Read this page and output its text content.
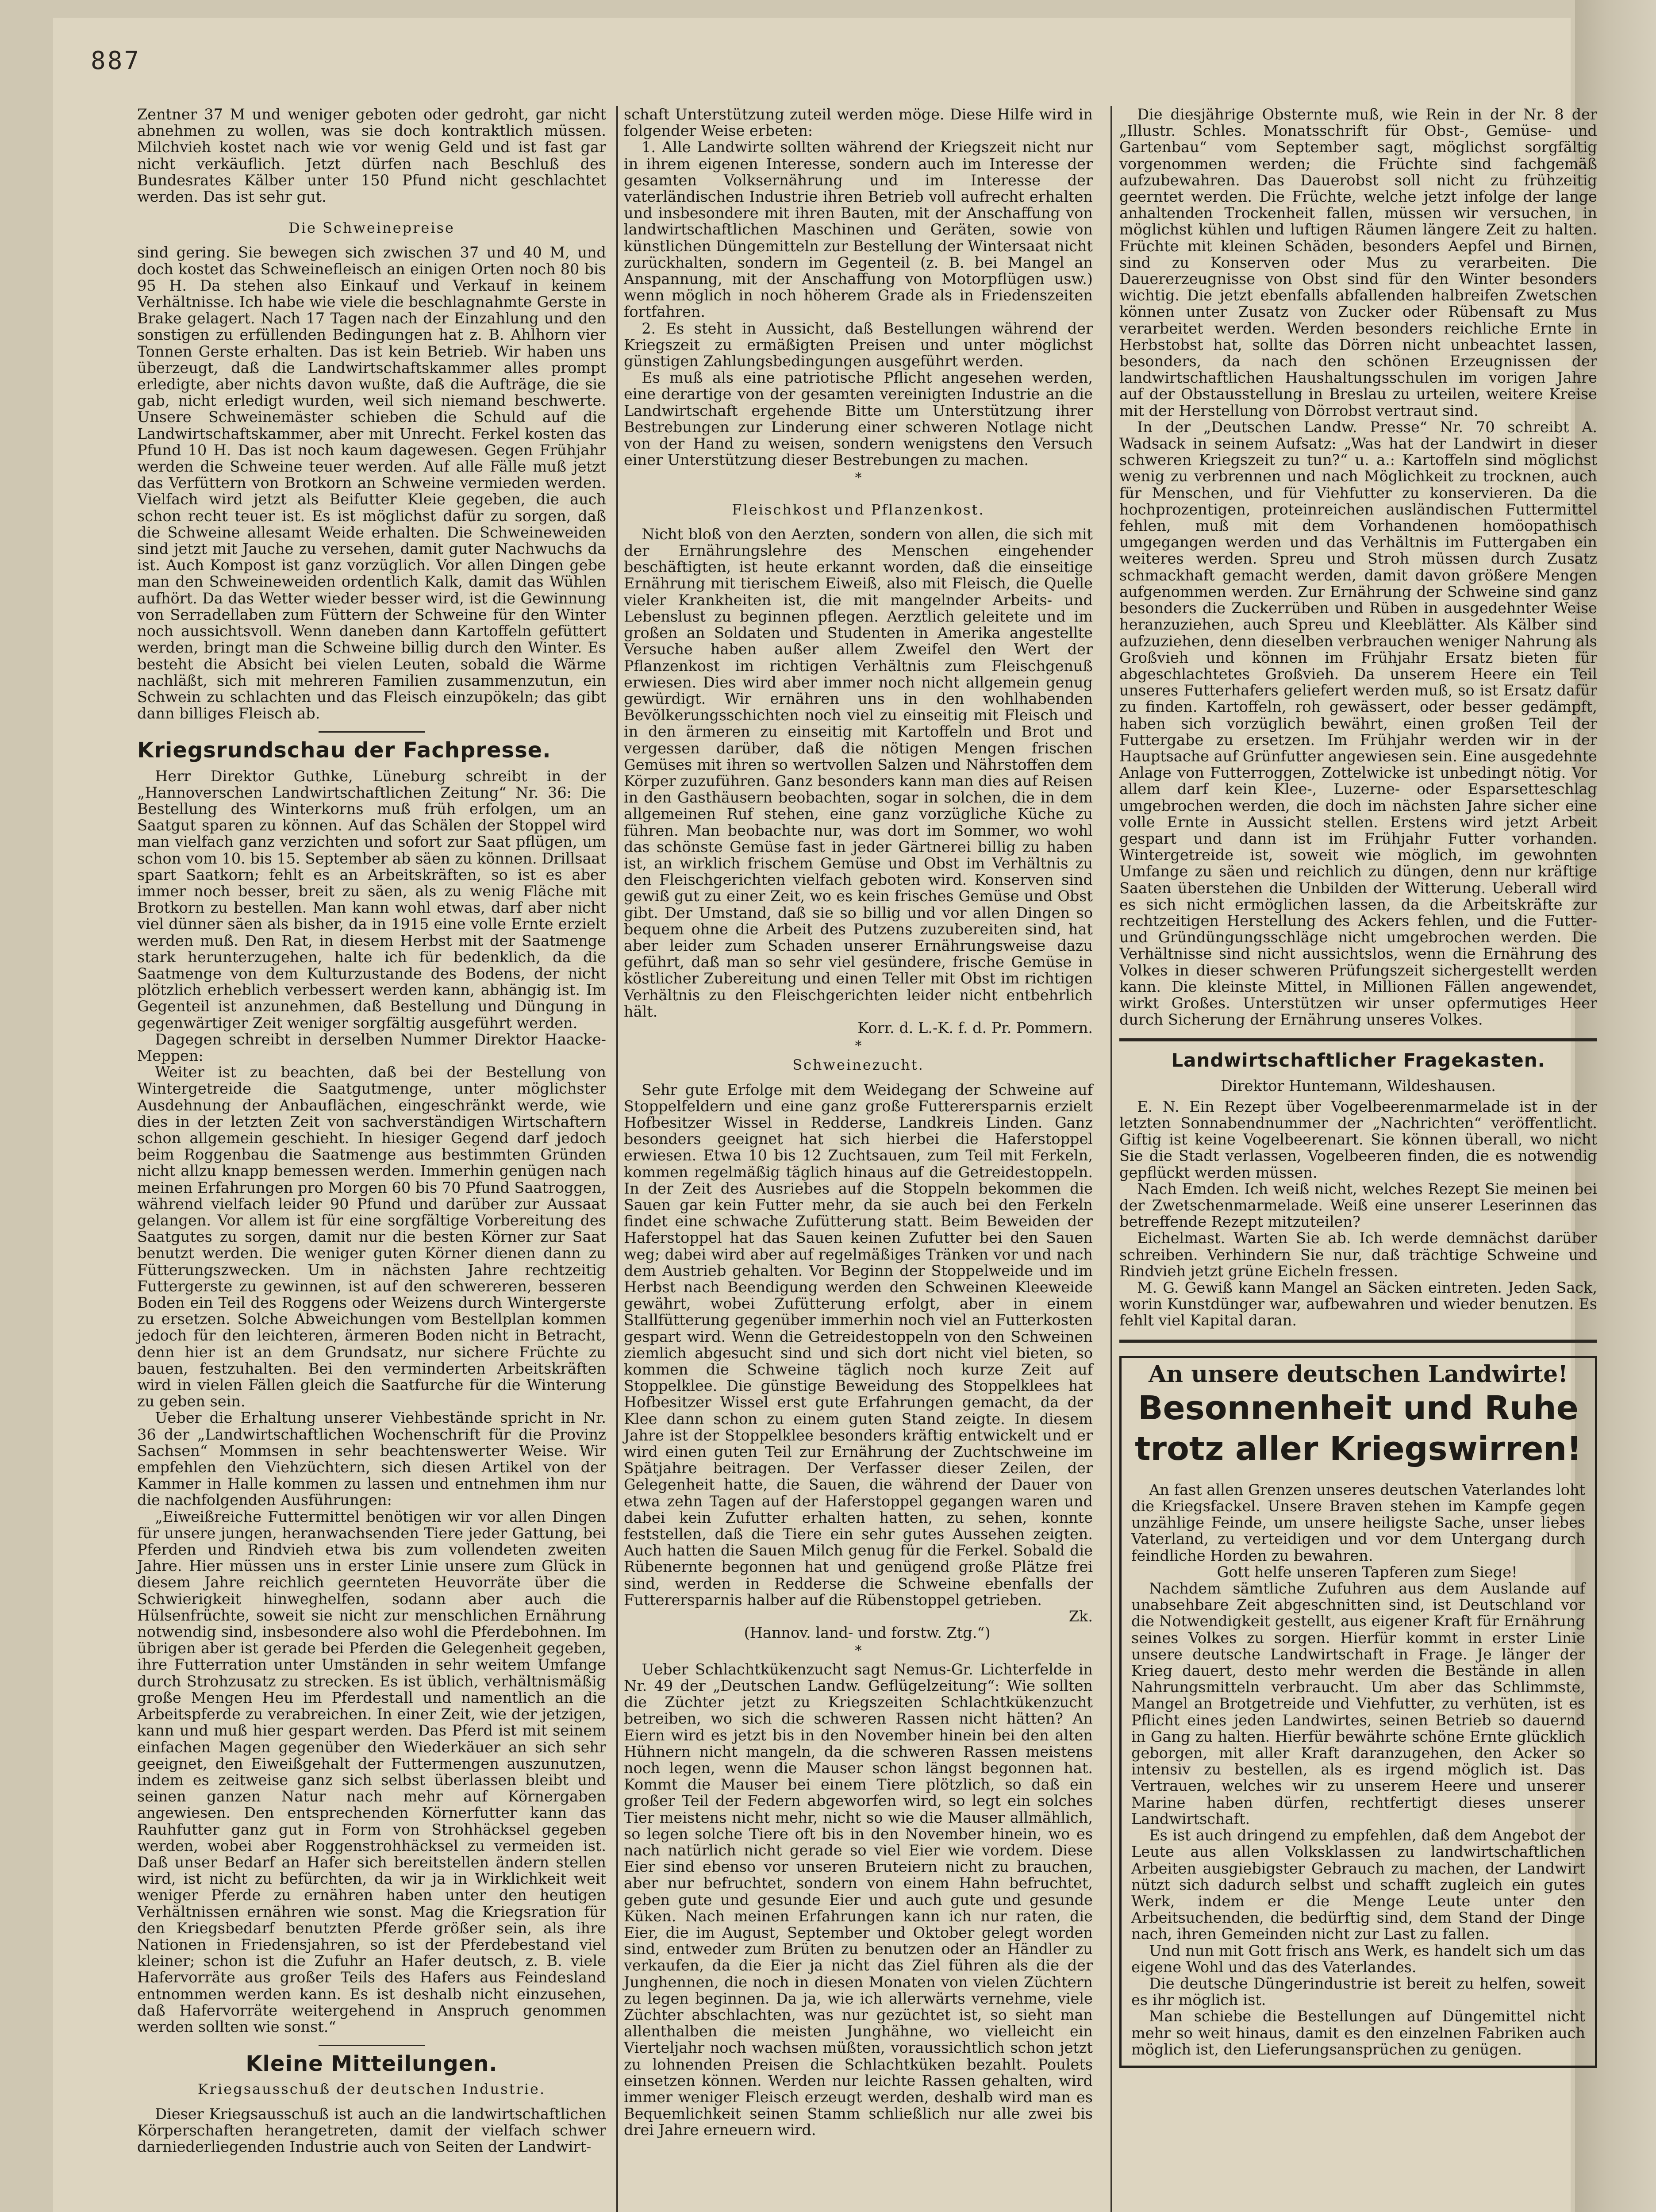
887

Zentner 37 M und weniger geboten oder gedroht, gar nicht abnehmen zu wollen, was sie doch kontraktlich müssen. Milchvieh kostet nach wie vor wenig Geld und ist fast gar nicht verkäuflich. Jetzt dürfen nach Beschluß des Bundesrates Kälber unter 150 Pfund nicht geschlachtet werden. Das ist sehr gut.

Die Schweinepreise

sind gering. Sie bewegen sich zwischen 37 und 40 M, und doch kostet das Schweinefleisch an einigen Orten noch 80 bis 95 H. Da stehen also Einkauf und Verkauf in keinem Verhältnisse. Ich habe wie viele die beschlagnahmte Gerste in Brake gelagert. Nach 17 Tagen nach der Einzahlung und den sonstigen zu erfüllenden Bedingungen hat z. B. Ahlhorn vier Tonnen Gerste erhalten. Das ist kein Betrieb. Wir haben uns überzeugt, daß die Landwirtschaftskammer alles prompt erledigte, aber nichts davon wußte, daß die Aufträge, die sie gab, nicht erledigt wurden, weil sich niemand beschwerte. Unsere Schweinemäster schieben die Schuld auf die Landwirtschaftskammer, aber mit Unrecht. Ferkel kosten das Pfund 10 H. Das ist noch kaum dagewesen. Gegen Frühjahr werden die Schweine teuer werden. Auf alle Fälle muß jetzt das Verfüttern von Brotkorn an Schweine vermieden werden. Vielfach wird jetzt als Beifutter Kleie gegeben, die auch schon recht teuer ist. Es ist möglichst dafür zu sorgen, daß die Schweine allesamt Weide erhalten. Die Schweineweiden sind jetzt mit Jauche zu versehen, damit guter Nachwuchs da ist. Auch Kompost ist ganz vorzüglich. Vor allen Dingen gebe man den Schweineweiden ordentlich Kalk, damit das Wühlen aufhört. Da das Wetter wieder besser wird, ist die Gewinnung von Serradellaben zum Füttern der Schweine für den Winter noch aussichtsvoll. Wenn daneben dann Kartoffeln gefüttert werden, bringt man die Schweine billig durch den Winter. Es besteht die Absicht bei vielen Leuten, sobald die Wärme nachläßt, sich mit mehreren Familien zusammenzutun, ein Schwein zu schlachten und das Fleisch einzupökeln; das gibt dann billiges Fleisch ab.

Kriegsrundschau der Fachpresse.

Herr Direktor Guthke, Lüneburg schreibt in der „Hannoverschen Landwirtschaftlichen Zeitung“ Nr. 36: Die Bestellung des Winterkorns muß früh erfolgen, um an Saatgut sparen zu können. Auf das Schälen der Stoppel wird man vielfach ganz verzichten und sofort zur Saat pflügen, um schon vom 10. bis 15. September ab säen zu können. Drillsaat spart Saatkorn; fehlt es an Arbeitskräften, so ist es aber immer noch besser, breit zu säen, als zu wenig Fläche mit Brotkorn zu bestellen. Man kann wohl etwas, darf aber nicht viel dünner säen als bisher, da in 1915 eine volle Ernte erzielt werden muß. Den Rat, in diesem Herbst mit der Saatmenge stark herunterzugehen, halte ich für bedenklich, da die Saatmenge von dem Kulturzustande des Bodens, der nicht plötzlich erheblich verbessert werden kann, abhängig ist. Im Gegenteil ist anzunehmen, daß Bestellung und Düngung in gegenwärtiger Zeit weniger sorgfältig ausgeführt werden.

Dagegen schreibt in derselben Nummer Direktor Haacke-Meppen:

Weiter ist zu beachten, daß bei der Bestellung von Wintergetreide die Saatgutmenge, unter möglichster Ausdehnung der Anbauflächen, eingeschränkt werde, wie dies in der letzten Zeit von sachverständigen Wirtschaftern schon allgemein geschieht. In hiesiger Gegend darf jedoch beim Roggenbau die Saatmenge aus bestimmten Gründen nicht allzu knapp bemessen werden. Immerhin genügen nach meinen Erfahrungen pro Morgen 60 bis 70 Pfund Saatroggen, während vielfach leider 90 Pfund und darüber zur Aussaat gelangen. Vor allem ist für eine sorgfältige Vorbereitung des Saatgutes zu sorgen, damit nur die besten Körner zur Saat benutzt werden. Die weniger guten Körner dienen dann zu Fütterungszwecken. Um in nächsten Jahre rechtzeitig Futtergerste zu gewinnen, ist auf den schwereren, besseren Boden ein Teil des Roggens oder Weizens durch Wintergerste zu ersetzen. Solche Abweichungen vom Bestellplan kommen jedoch für den leichteren, ärmeren Boden nicht in Betracht, denn hier ist an dem Grundsatz, nur sichere Früchte zu bauen, festzuhalten. Bei den verminderten Arbeitskräften wird in vielen Fällen gleich die Saatfurche für die Winterung zu geben sein.

Ueber die Erhaltung unserer Viehbestände spricht in Nr. 36 der „Landwirtschaftlichen Wochenschrift für die Provinz Sachsen“ Mommsen in sehr beachtenswerter Weise. Wir empfehlen den Viehzüchtern, sich diesen Artikel von der Kammer in Halle kommen zu lassen und entnehmen ihm nur die nachfolgenden Ausführungen:

„Eiweißreiche Futtermittel benötigen wir vor allen Dingen für unsere jungen, heranwachsenden Tiere jeder Gattung, bei Pferden und Rindvieh etwa bis zum vollendeten zweiten Jahre. Hier müssen uns in erster Linie unsere zum Glück in diesem Jahre reichlich geernteten Heuvorräte über die Schwierigkeit hinweghelfen, sodann aber auch die Hülsenfrüchte, soweit sie nicht zur menschlichen Ernährung notwendig sind, insbesondere also wohl die Pferdebohnen. Im übrigen aber ist gerade bei Pferden die Gelegenheit gegeben, ihre Futterration unter Umständen in sehr weitem Umfange durch Strohzusatz zu strecken. Es ist üblich, verhältnismäßig große Mengen Heu im Pferdestall und namentlich an die Arbeitspferde zu verabreichen. In einer Zeit, wie der jetzigen, kann und muß hier gespart werden. Das Pferd ist mit seinem einfachen Magen gegenüber den Wiederkäuer an sich sehr geeignet, den Eiweißgehalt der Futtermengen auszunutzen, indem es zeitweise ganz sich selbst überlassen bleibt und seinen ganzen Natur nach mehr auf Körnergaben angewiesen. Den entsprechenden Körnerfutter kann das Rauhfutter ganz gut in Form von Strohhäcksel gegeben werden, wobei aber Roggenstrohhäcksel zu vermeiden ist. Daß unser Bedarf an Hafer sich bereitstellen ändern stellen wird, ist nicht zu befürchten, da wir ja in Wirklichkeit weit weniger Pferde zu ernähren haben unter den heutigen Verhältnissen ernähren wie sonst. Mag die Kriegsration für den Kriegsbedarf benutzten Pferde größer sein, als ihre Nationen in Friedensjahren, so ist der Pferdebestand viel kleiner; schon ist die Zufuhr an Hafer deutsch, z. B. viele Hafervorräte aus großer Teils des Hafers aus Feindesland entnommen werden kann. Es ist deshalb nicht einzusehen, daß Hafervorräte weitergehend in Anspruch genommen werden sollten wie sonst.“

Kleine Mitteilungen.
Kriegsausschuß der deutschen Industrie.

Dieser Kriegsausschuß ist auch an die landwirtschaftlichen Körperschaften herangetreten, damit der vielfach schwer darniederliegenden Industrie auch von Seiten der Landwirt-

schaft Unterstützung zuteil werden möge. Diese Hilfe wird in folgender Weise erbeten:

1. Alle Landwirte sollten während der Kriegszeit nicht nur in ihrem eigenen Interesse, sondern auch im Interesse der gesamten Volksernährung und im Interesse der vaterländischen Industrie ihren Betrieb voll aufrecht erhalten und insbesondere mit ihren Bauten, mit der Anschaffung von landwirtschaftlichen Maschinen und Geräten, sowie von künstlichen Düngemitteln zur Bestellung der Wintersaat nicht zurückhalten, sondern im Gegenteil (z. B. bei Mangel an Anspannung, mit der Anschaffung von Motorpflügen usw.) wenn möglich in noch höherem Grade als in Friedenszeiten fortfahren.

2. Es steht in Aussicht, daß Bestellungen während der Kriegszeit zu ermäßigten Preisen und unter möglichst günstigen Zahlungsbedingungen ausgeführt werden.

Es muß als eine patriotische Pflicht angesehen werden, eine derartige von der gesamten vereinigten Industrie an die Landwirtschaft ergehende Bitte um Unterstützung ihrer Bestrebungen zur Linderung einer schweren Notlage nicht von der Hand zu weisen, sondern wenigstens den Versuch einer Unterstützung dieser Bestrebungen zu machen.

*
Fleischkost und Pflanzenkost.

Nicht bloß von den Aerzten, sondern von allen, die sich mit der Ernährungslehre des Menschen eingehender beschäftigten, ist heute erkannt worden, daß die einseitige Ernährung mit tierischem Eiweiß, also mit Fleisch, die Quelle vieler Krankheiten ist, die mit mangelnder Arbeits- und Lebenslust zu beginnen pflegen. Aerztlich geleitete und im großen an Soldaten und Studenten in Amerika angestellte Versuche haben außer allem Zweifel den Wert der Pflanzenkost im richtigen Verhältnis zum Fleischgenuß erwiesen. Dies wird aber immer noch nicht allgemein genug gewürdigt. Wir ernähren uns in den wohlhabenden Bevölkerungsschichten noch viel zu einseitig mit Fleisch und in den ärmeren zu einseitig mit Kartoffeln und Brot und vergessen darüber, daß die nötigen Mengen frischen Gemüses mit ihren so wertvollen Salzen und Nährstoffen dem Körper zuzuführen. Ganz besonders kann man dies auf Reisen in den Gasthäusern beobachten, sogar in solchen, die in dem allgemeinen Ruf stehen, eine ganz vorzügliche Küche zu führen. Man beobachte nur, was dort im Sommer, wo wohl das schönste Gemüse fast in jeder Gärtnerei billig zu haben ist, an wirklich frischem Gemüse und Obst im Verhältnis zu den Fleischgerichten vielfach geboten wird. Konserven sind gewiß gut zu einer Zeit, wo es kein frisches Gemüse und Obst gibt. Der Umstand, daß sie so billig und vor allen Dingen so bequem ohne die Arbeit des Putzens zuzubereiten sind, hat aber leider zum Schaden unserer Ernährungsweise dazu geführt, daß man so sehr viel gesündere, frische Gemüse in köstlicher Zubereitung und einen Teller mit Obst im richtigen Verhältnis zu den Fleischgerichten leider nicht entbehrlich hält.

Korr. d. L.-K. f. d. Pr. Pommern.

*
Schweinezucht.

Sehr gute Erfolge mit dem Weidegang der Schweine auf Stoppelfeldern und eine ganz große Futterersparnis erzielt Hofbesitzer Wissel in Redderse, Landkreis Linden. Ganz besonders geeignet hat sich hierbei die Haferstoppel erwiesen. Etwa 10 bis 12 Zuchtsauen, zum Teil mit Ferkeln, kommen regelmäßig täglich hinaus auf die Getreidestoppeln. In der Zeit des Ausriebes auf die Stoppeln bekommen die Sauen gar kein Futter mehr, da sie auch bei den Ferkeln findet eine schwache Zufütterung statt. Beim Beweiden der Haferstoppel hat das Sauen keinen Zufutter bei den Sauen weg; dabei wird aber auf regelmäßiges Tränken vor und nach dem Austrieb gehalten. Vor Beginn der Stoppelweide und im Herbst nach Beendigung werden den Schweinen Kleeweide gewährt, wobei Zufütterung erfolgt, aber in einem Stallfütterung gegenüber immerhin noch viel an Futterkosten gespart wird. Wenn die Getreidestoppeln von den Schweinen ziemlich abgesucht sind und sich dort nicht viel bieten, so kommen die Schweine täglich noch kurze Zeit auf Stoppelklee. Die günstige Beweidung des Stoppelklees hat Hofbesitzer Wissel erst gute Erfahrungen gemacht, da der Klee dann schon zu einem guten Stand zeigte. In diesem Jahre ist der Stoppelklee besonders kräftig entwickelt und er wird einen guten Teil zur Ernährung der Zuchtschweine im Spätjahre beitragen. Der Verfasser dieser Zeilen, der Gelegenheit hatte, die Sauen, die während der Dauer von etwa zehn Tagen auf der Haferstoppel gegangen waren und dabei kein Zufutter erhalten hatten, zu sehen, konnte feststellen, daß die Tiere ein sehr gutes Aussehen zeigten. Auch hatten die Sauen Milch genug für die Ferkel. Sobald die Rübenernte begonnen hat und genügend große Plätze frei sind, werden in Redderse die Schweine ebenfalls der Futterersparnis halber auf die Rübenstoppel getrieben.

Zk.

(Hannov. land- und forstw. Ztg.“)

*

Ueber Schlachtkükenzucht sagt Nemus-Gr. Lichterfelde in Nr. 49 der „Deutschen Landw. Geflügelzeitung“: Wie sollten die Züchter jetzt zu Kriegszeiten Schlachtkükenzucht betreiben, wo sich die schweren Rassen nicht hätten? An Eiern wird es jetzt bis in den November hinein bei den alten Hühnern nicht mangeln, da die schweren Rassen meistens noch legen, wenn die Mauser schon längst begonnen hat. Kommt die Mauser bei einem Tiere plötzlich, so daß ein großer Teil der Federn abgeworfen wird, so legt ein solches Tier meistens nicht mehr, nicht so wie die Mauser allmählich, so legen solche Tiere oft bis in den November hinein, wo es nach natürlich nicht gerade so viel Eier wie vordem. Diese Eier sind ebenso vor unseren Bruteiern nicht zu brauchen, aber nur befruchtet, sondern von einem Hahn befruchtet, geben gute und gesunde Eier und auch gute und gesunde Küken. Nach meinen Erfahrungen kann ich nur raten, die Eier, die im August, September und Oktober gelegt worden sind, entweder zum Brüten zu benutzen oder an Händler zu verkaufen, da die Eier ja nicht das Ziel führen als die der Junghennen, die noch in diesen Monaten von vielen Züchtern zu legen beginnen. Da ja, wie ich allerwärts vernehme, viele Züchter abschlachten, was nur gezüchtet ist, so sieht man allenthalben die meisten Junghähne, wo vielleicht ein Vierteljahr noch wachsen müßten, voraussichtlich schon jetzt zu lohnenden Preisen die Schlachtküken bezahlt. Poulets einsetzen können. Werden nur leichte Rassen gehalten, wird immer weniger Fleisch erzeugt werden, deshalb wird man es Bequemlichkeit seinen Stamm schließlich nur alle zwei bis drei Jahre erneuern wird.

Die diesjährige Obsternte muß, wie Rein in der Nr. 8 der „Illustr. Schles. Monatsschrift für Obst-, Gemüse- und Gartenbau“ vom September sagt, möglichst sorgfältig vorgenommen werden; die Früchte sind fachgemäß aufzubewahren. Das Dauerobst soll nicht zu frühzeitig geerntet werden. Die Früchte, welche jetzt infolge der lange anhaltenden Trockenheit fallen, müssen wir versuchen, in möglichst kühlen und luftigen Räumen längere Zeit zu halten. Früchte mit kleinen Schäden, besonders Aepfel und Birnen, sind zu Konserven oder Mus zu verarbeiten. Die Dauererzeugnisse von Obst sind für den Winter besonders wichtig. Die jetzt ebenfalls abfallenden halbreifen Zwetschen können unter Zusatz von Zucker oder Rübensaft zu Mus verarbeitet werden. Werden besonders reichliche Ernte in Herbstobst hat, sollte das Dörren nicht unbeachtet lassen, besonders, da nach den schönen Erzeugnissen der landwirtschaftlichen Haushaltungsschulen im vorigen Jahre auf der Obstausstellung in Breslau zu urteilen, weitere Kreise mit der Herstellung von Dörrobst vertraut sind.

In der „Deutschen Landw. Presse“ Nr. 70 schreibt A. Wadsack in seinem Aufsatz: „Was hat der Landwirt in dieser schweren Kriegszeit zu tun?“ u. a.: Kartoffeln sind möglichst wenig zu verbrennen und nach Möglichkeit zu trocknen, auch für Menschen, und für Viehfutter zu konservieren. Da die hochprozentigen, proteinreichen ausländischen Futtermittel fehlen, muß mit dem Vorhandenen homöopathisch umgegangen werden und das Verhältnis im Futtergaben ein weiteres werden. Spreu und Stroh müssen durch Zusatz schmackhaft gemacht werden, damit davon größere Mengen aufgenommen werden. Zur Ernährung der Schweine sind ganz besonders die Zuckerrüben und Rüben in ausgedehnter Weise heranzuziehen, auch Spreu und Kleeblätter. Als Kälber sind aufzuziehen, denn dieselben verbrauchen weniger Nahrung als Großvieh und können im Frühjahr Ersatz bieten für abgeschlachtetes Großvieh. Da unserem Heere ein Teil unseres Futterhafers geliefert werden muß, so ist Ersatz dafür zu finden. Kartoffeln, roh gewässert, oder besser gedämpft, haben sich vorzüglich bewährt, einen großen Teil der Futtergabe zu ersetzen. Im Frühjahr werden wir in der Hauptsache auf Grünfutter angewiesen sein. Eine ausgedehnte Anlage von Futterroggen, Zottelwicke ist unbedingt nötig. Vor allem darf kein Klee-, Luzerne- oder Esparsetteschlag umgebrochen werden, die doch im nächsten Jahre sicher eine volle Ernte in Aussicht stellen. Erstens wird jetzt Arbeit gespart und dann ist im Frühjahr Futter vorhanden. Wintergetreide ist, soweit wie möglich, im gewohnten Umfange zu säen und reichlich zu düngen, denn nur kräftige Saaten überstehen die Unbilden der Witterung. Ueberall wird es sich nicht ermöglichen lassen, da die Arbeitskräfte zur rechtzeitigen Herstellung des Ackers fehlen, und die Futter- und Gründüngungsschläge nicht umgebrochen werden. Die Verhältnisse sind nicht aussichtslos, wenn die Ernährung des Volkes in dieser schweren Prüfungszeit sichergestellt werden kann. Die kleinste Mittel, in Millionen Fällen angewendet, wirkt Großes. Unterstützen wir unser opfermutiges Heer durch Sicherung der Ernährung unseres Volkes.

Landwirtschaftlicher Fragekasten.
Direktor Huntemann, Wildeshausen.

E. N. Ein Rezept über Vogelbeerenmarmelade ist in der letzten Sonnabendnummer der „Nachrichten“ veröffentlicht. Giftig ist keine Vogelbeerenart. Sie können überall, wo nicht Sie die Stadt verlassen, Vogelbeeren finden, die es notwendig gepflückt werden müssen.

Nach Emden. Ich weiß nicht, welches Rezept Sie meinen bei der Zwetschenmarmelade. Weiß eine unserer Leserinnen das betreffende Rezept mitzuteilen?

Eichelmast. Warten Sie ab. Ich werde demnächst darüber schreiben. Verhindern Sie nur, daß trächtige Schweine und Rindvieh jetzt grüne Eicheln fressen.

M. G. Gewiß kann Mangel an Säcken eintreten. Jeden Sack, worin Kunstdünger war, aufbewahren und wieder benutzen. Es fehlt viel Kapital daran.

An unsere deutschen Landwirte!
Besonnenheit und Ruhe
trotz aller Kriegswirren!

An fast allen Grenzen unseres deutschen Vaterlandes loht die Kriegsfackel. Unsere Braven stehen im Kampfe gegen unzählige Feinde, um unsere heiligste Sache, unser liebes Vaterland, zu verteidigen und vor dem Untergang durch feindliche Horden zu bewahren.

Gott helfe unseren Tapferen zum Siege!

Nachdem sämtliche Zufuhren aus dem Auslande auf unabsehbare Zeit abgeschnitten sind, ist Deutschland vor die Notwendigkeit gestellt, aus eigener Kraft für Ernährung seines Volkes zu sorgen. Hierfür kommt in erster Linie unsere deutsche Landwirtschaft in Frage. Je länger der Krieg dauert, desto mehr werden die Bestände in allen Nahrungsmitteln verbraucht. Um aber das Schlimmste, Mangel an Brotgetreide und Viehfutter, zu verhüten, ist es Pflicht eines jeden Landwirtes, seinen Betrieb so dauernd in Gang zu halten. Hierfür bewährte schöne Ernte glücklich geborgen, mit aller Kraft daranzugehen, den Acker so intensiv zu bestellen, als es irgend möglich ist. Das Vertrauen, welches wir zu unserem Heere und unserer Marine haben dürfen, rechtfertigt dieses unserer Landwirtschaft.

Es ist auch dringend zu empfehlen, daß dem Angebot der Leute aus allen Volksklassen zu landwirtschaftlichen Arbeiten ausgiebigster Gebrauch zu machen, der Landwirt nützt sich dadurch selbst und schafft zugleich ein gutes Werk, indem er die Menge Leute unter den Arbeitsuchenden, die bedürftig sind, dem Stand der Dinge nach, ihren Gemeinden nicht zur Last zu fallen.

Und nun mit Gott frisch ans Werk, es handelt sich um das eigene Wohl und das des Vaterlandes.

Die deutsche Düngerindustrie ist bereit zu helfen, soweit es ihr möglich ist.

Man schiebe die Bestellungen auf Düngemittel nicht mehr so weit hinaus, damit es den einzelnen Fabriken auch möglich ist, den Lieferungsansprüchen zu genügen.
